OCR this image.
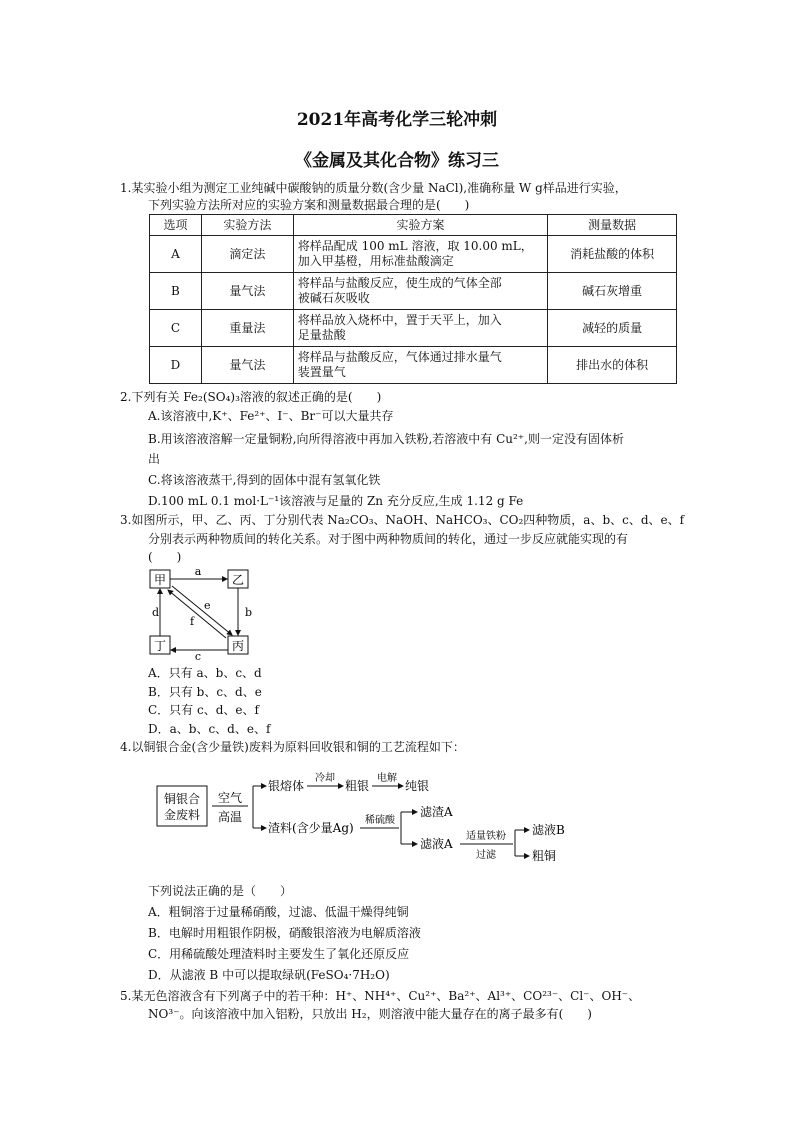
2021年高考化学三轮冲刺
《金属及其化合物》练习三
1.某实验小组为测定工业纯碱中碳酸钠的质量分数(含少量 NaCl),准确称量 W g样品进行实验，
下列实验方法所对应的实验方案和测量数据最合理的是(　　)
选项	实验方法	实验方案	测量数据
A	滴定法	将样品配成 100 mL 溶液，取 10.00 mL，
加入甲基橙，用标准盐酸滴定	消耗盐酸的体积
B	量气法	将样品与盐酸反应，使生成的气体全部
被碱石灰吸收	碱石灰增重
C	重量法	将样品放入烧杯中，置于天平上，加入
足量盐酸	减轻的质量
D	量气法	将样品与盐酸反应，气体通过排水量气
装置量气	排出水的体积
2.下列有关 Fe₂(SO₄)₃溶液的叙述正确的是(　　)
A.该溶液中,K⁺、Fe²⁺、I⁻、Br⁻可以大量共存
B.用该溶液溶解一定量铜粉,向所得溶液中再加入铁粉,若溶液中有 Cu²⁺,则一定没有固体析
出
C.将该溶液蒸干,得到的固体中混有氢氧化铁
D.100 mL 0.1 mol·L⁻¹该溶液与足量的 Zn 充分反应,生成 1.12 g Fe
3.如图所示，甲、乙、丙、丁分别代表 Na₂CO₃、NaOH、NaHCO₃、CO₂四种物质，a、b、c、d、e、f
分别表示两种物质间的转化关系。对于图中两种物质间的转化，通过一步反应就能实现的有
(　　)
甲	乙
丁	丙
a
b
c
d
e
f
A．只有 a、b、c、d
B．只有 b、c、d、e
C．只有 c、d、e、f
D．a、b、c、d、e、f
4.以铜银合金(含少量铁)废料为原料回收银和铜的工艺流程如下：
铜银合
金废料
空气
高温
银熔体
冷却
粗银
电解
纯银
渣料(含少量Ag)
稀硫酸
滤渣A
滤液A
适量铁粉
过滤
滤液B
粗铜
下列说法正确的是（　　）
A．粗铜溶于过量稀硝酸，过滤、低温干燥得纯铜
B．电解时用粗银作阴极，硝酸银溶液为电解质溶液
C．用稀硫酸处理渣料时主要发生了氧化还原反应
D．从滤液 B 中可以提取绿矾(FeSO₄·7H₂O)
5.某无色溶液含有下列离子中的若干种：H⁺、NH⁴⁺、Cu²⁺、Ba²⁺、Al³⁺、CO²³⁻、Cl⁻、OH⁻、
NO³⁻。向该溶液中加入铝粉，只放出 H₂，则溶液中能大量存在的离子最多有(　　)
